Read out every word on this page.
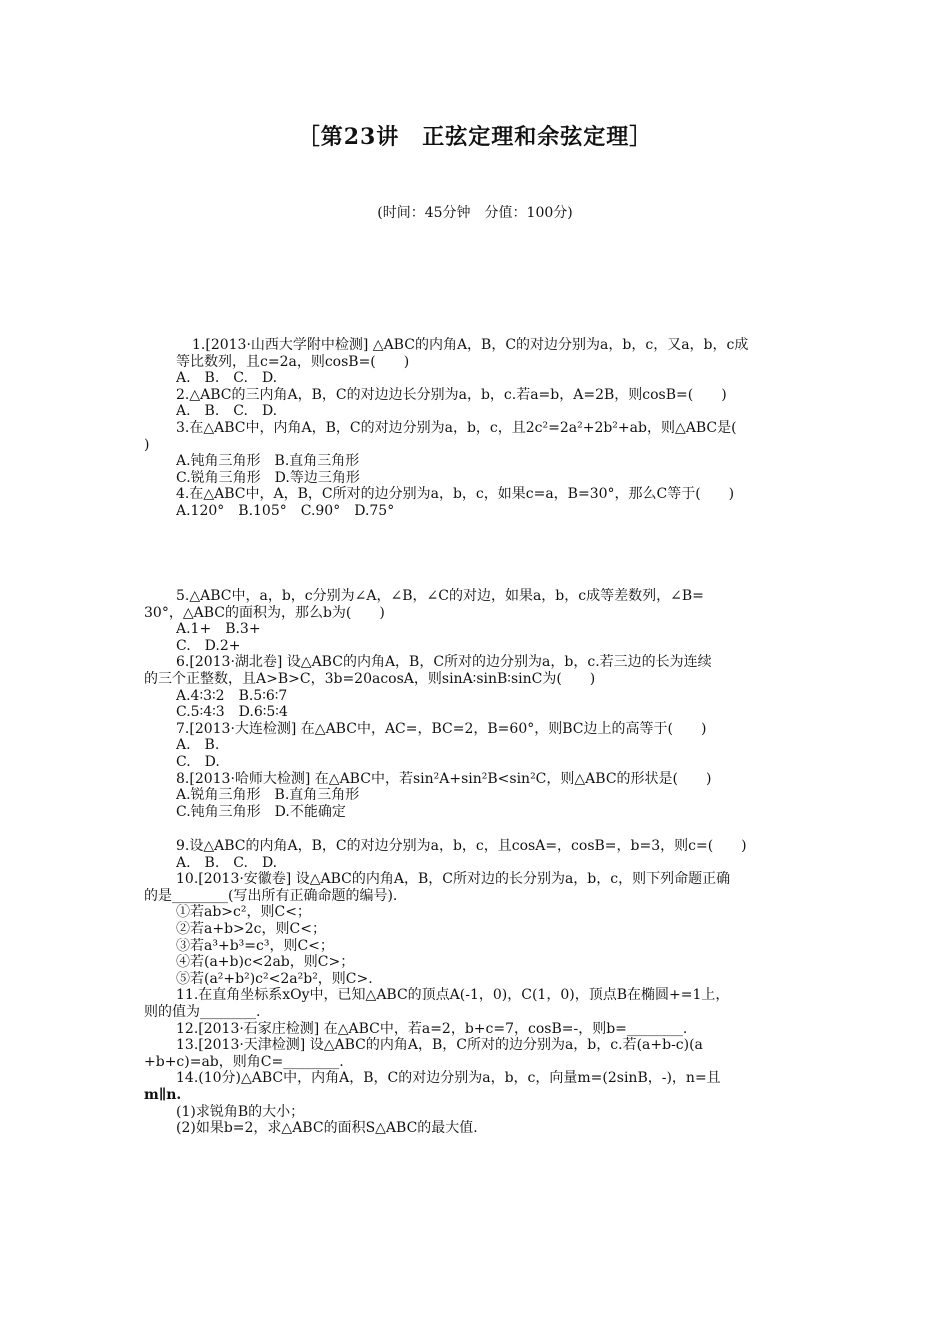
［第23讲　正弦定理和余弦定理］
(时间：45分钟　分值：100分)
1.[2013·山西大学附中检测] △ABC的内角A，B，C的对边分别为a，b，c，又a，b，c成
等比数列，且c=2a，则cosB=(　　)
A.　B.　C.　D.
2.△ABC的三内角A，B，C的对边边长分别为a，b，c.若a=b，A=2B，则cosB=(　　)
A.　B.　C.　D.
3.在△ABC中，内角A，B，C的对边分别为a，b，c，且2c²=2a²+2b²+ab，则△ABC是(
)
A.钝角三角形　B.直角三角形
C.锐角三角形　D.等边三角形
4.在△ABC中，A，B，C所对的边分别为a，b，c，如果c=a，B=30°，那么C等于(　　)
A.120°　B.105°　C.90°　D.75°
5.△ABC中，a，b，c分别为∠A，∠B，∠C的对边，如果a，b，c成等差数列，∠B=
30°，△ABC的面积为，那么b为(　　)
A.1+　B.3+
C.　D.2+
6.[2013·湖北卷] 设△ABC的内角A，B，C所对的边分别为a，b，c.若三边的长为连续
的三个正整数，且A>B>C，3b=20acosA，则sinA∶sinB∶sinC为(　　)
A.4∶3∶2　B.5∶6∶7
C.5∶4∶3　D.6∶5∶4
7.[2013·大连检测] 在△ABC中，AC=，BC=2，B=60°，则BC边上的高等于(　　)
A.　B.
C.　D.
8.[2013·哈师大检测] 在△ABC中，若sin²A+sin²B<sin²C，则△ABC的形状是(　　)
A.锐角三角形　B.直角三角形
C.钝角三角形　D.不能确定
9.设△ABC的内角A，B，C的对边分别为a，b，c，且cosA=，cosB=，b=3，则c=(　　)
A.　B.　C.　D.
10.[2013·安徽卷] 设△ABC的内角A，B，C所对边的长分别为a，b，c，则下列命题正确
的是________(写出所有正确命题的编号).
①若ab>c²，则C<；
②若a+b>2c，则C<；
③若a³+b³=c³，则C<；
④若(a+b)c<2ab，则C>；
⑤若(a²+b²)c²<2a²b²，则C>.
11.在直角坐标系xOy中，已知△ABC的顶点A(-1，0)，C(1，0)，顶点B在椭圆+=1上，
则的值为________.
12.[2013·石家庄检测] 在△ABC中，若a=2，b+c=7，cosB=-，则b=________.
13.[2013·天津检测] 设△ABC的内角A，B，C所对的边分别为a，b，c.若(a+b-c)(a
+b+c)=ab，则角C=________.
14.(10分)△ABC中，内角A，B，C的对边分别为a，b，c，向量m=(2sinB，-)，n=且
m∥n.
(1)求锐角B的大小；
(2)如果b=2，求△ABC的面积S△ABC的最大值.
